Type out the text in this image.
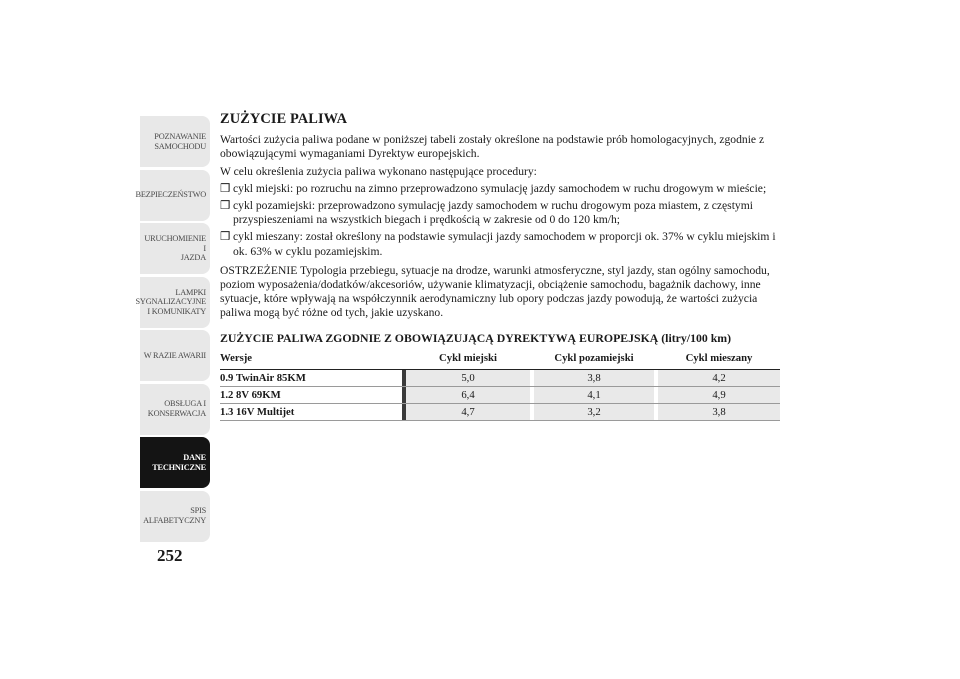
POZNAWANIE
SAMOCHODU
BEZPIECZEŃSTWO
URUCHOMIENIE I
JAZDA
LAMPKI
SYGNALIZACYJNE
I KOMUNIKATY
W RAZIE AWARII
OBSŁUGA I
KONSERWACJA
DANE
TECHNICZNE
SPIS
ALFABETYCZNY
252
ZUŻYCIE PALIWA

Wartości zużycia paliwa podane w poniższej tabeli zostały określone na podstawie prób homologacyjnych, zgodnie z obowiązującymi wymaganiami Dyrektyw europejskich.

W celu określenia zużycia paliwa wykonano następujące procedury:

❒ cykl miejski: po rozruchu na zimno przeprowadzono symulację jazdy samochodem w ruchu drogowym w mieście;
❒ cykl pozamiejski: przeprowadzono symulację jazdy samochodem w ruchu drogowym poza miastem, z częstymi przyspieszeniami na wszystkich biegach i prędkością w zakresie od 0 do 120 km/h;
❒ cykl mieszany: został określony na podstawie symulacji jazdy samochodem w proporcji ok. 37% w cyklu miejskim i ok. 63% w cyklu pozamiejskim.

OSTRZEŻENIE Typologia przebiegu, sytuacje na drodze, warunki atmosferyczne, styl jazdy, stan ogólny samochodu, poziom wyposażenia/dodatków/akcesoriów, używanie klimatyzacji, obciążenie samochodu, bagażnik dachowy, inne sytuacje, które wpływają na współczynnik aerodynamiczny lub opory podczas jazdy powodują, że wartości zużycia paliwa mogą być różne od tych, jakie uzyskano.

ZUŻYCIE PALIWA ZGODNIE Z OBOWIĄZUJĄCĄ DYREKTYWĄ EUROPEJSKĄ (litry/100 km)
Wersje		Cykl miejski		Cykl pozamiejski		Cykl mieszany
0.9 TwinAir 85KM		5,0		3,8		4,2
1.2 8V 69KM		6,4		4,1		4,9
1.3 16V Multijet		4,7		3,2		3,8
